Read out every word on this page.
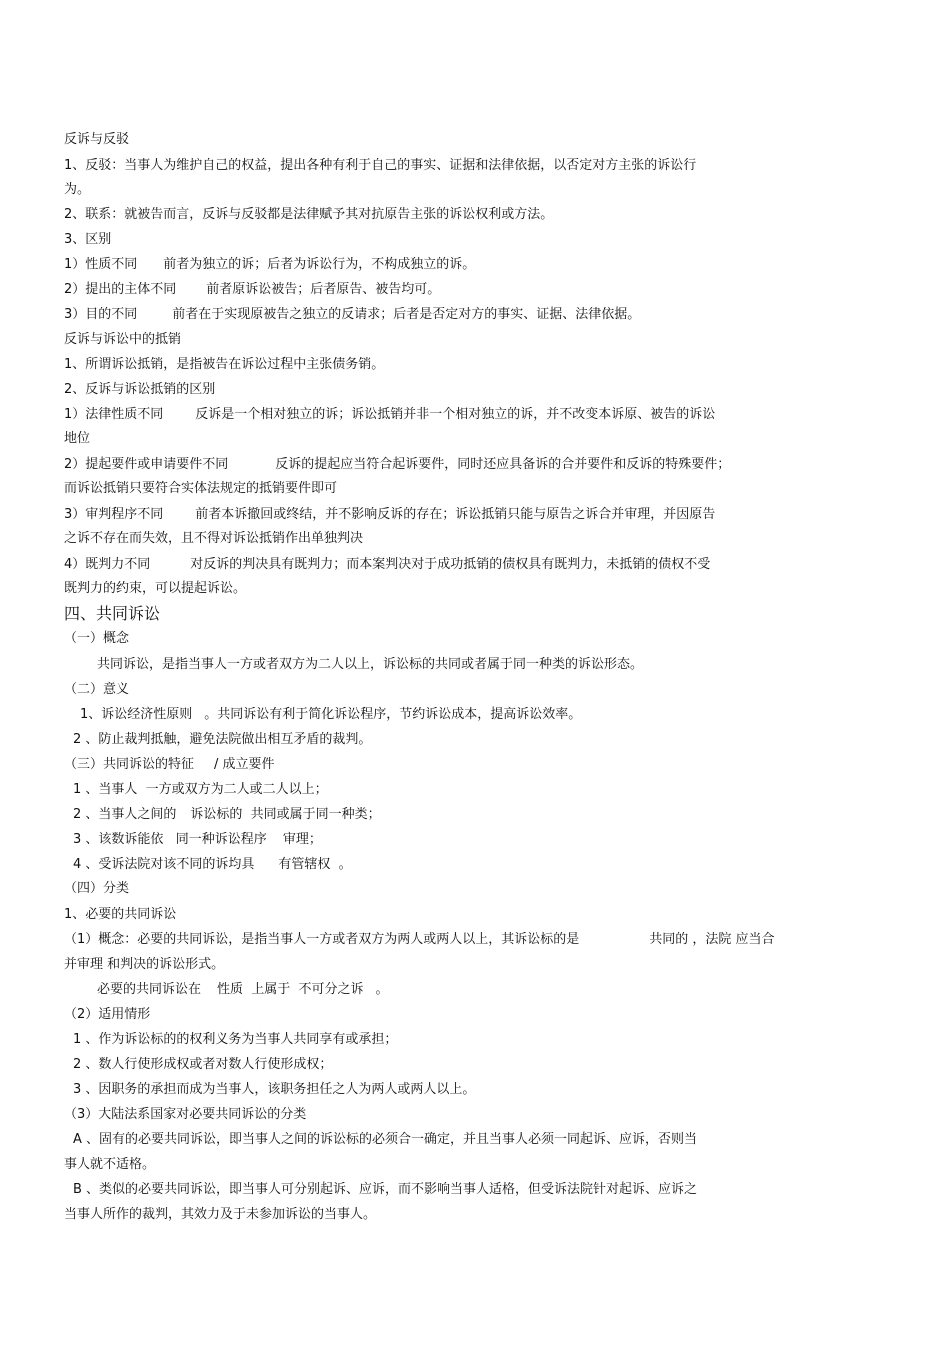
反诉与反驳
1、反驳：当事人为维护自己的权益，提出各种有利于自己的事实、证据和法律依据，以否定对方主张的诉讼行
为。
2、联系：就被告而言，反诉与反驳都是法律赋予其对抗原告主张的诉讼权利或方法。
3、区别
1）性质不同 前者为独立的诉；后者为诉讼行为，不构成独立的诉。
2）提出的主体不同 前者原诉讼被告；后者原告、被告均可。
3）目的不同	前者在于实现原被告之独立的反请求；后者是否定对方的事实、证据、法律依据。
反诉与诉讼中的抵销
1、所谓诉讼抵销，是指被告在诉讼过程中主张债务销。
2、反诉与诉讼抵销的区别
1）法律性质不同 反诉是一个相对独立的诉；诉讼抵销并非一个相对独立的诉，并不改变本诉原、被告的诉讼
地位
2）提起要件或申请要件不同	反诉的提起应当符合起诉要件，同时还应具备诉的合并要件和反诉的特殊要件；
而诉讼抵销只要符合实体法规定的抵销要件即可
3）审判程序不同 前者本诉撤回或终结，并不影响反诉的存在；诉讼抵销只能与原告之诉合并审理，并因原告
之诉不存在而失效，且不得对诉讼抵销作出单独判决
4）既判力不同	对反诉的判决具有既判力；而本案判决对于成功抵销的债权具有既判力，未抵销的债权不受
既判力的约束，可以提起诉讼。
四、共同诉讼
（一）概念
共同诉讼，是指当事人一方或者双方为二人以上，诉讼标的共同或者属于同一种类的诉讼形态。
（二）意义
1、诉讼经济性原则 。共同诉讼有利于简化诉讼程序，节约诉讼成本，提高诉讼效率。
2 、防止裁判抵触，避免法院做出相互矛盾的裁判。
（三）共同诉讼的特征 / 成立要件
1 、当事人  一方或双方为二人或二人以上；
2 、当事人之间的 诉讼标的  共同或属于同一种类；
3 、该数诉能依   同一种诉讼程序 审理；
4 、受诉法院对该不同的诉均具 有管辖权  。
（四）分类
1、必要的共同诉讼
（1）概念：必要的共同诉讼，是指当事人一方或者双方为两人或两人以上，其诉讼标的是	共同的 ，法院 应当合
并审理 和判决的诉讼形式。
必要的共同诉讼在 性质  上属于  不可分之诉 。
（2）适用情形
1 、作为诉讼标的的权利义务为当事人共同享有或承担；
2 、数人行使形成权或者对数人行使形成权；
3 、因职务的承担而成为当事人，该职务担任之人为两人或两人以上。
（3）大陆法系国家对必要共同诉讼的分类
A 、固有的必要共同诉讼，即当事人之间的诉讼标的必须合一确定，并且当事人必须一同起诉、应诉，否则当
事人就不适格。
B 、类似的必要共同诉讼，即当事人可分别起诉、应诉，而不影响当事人适格，但受诉法院针对起诉、应诉之
当事人所作的裁判，其效力及于未参加诉讼的当事人。
